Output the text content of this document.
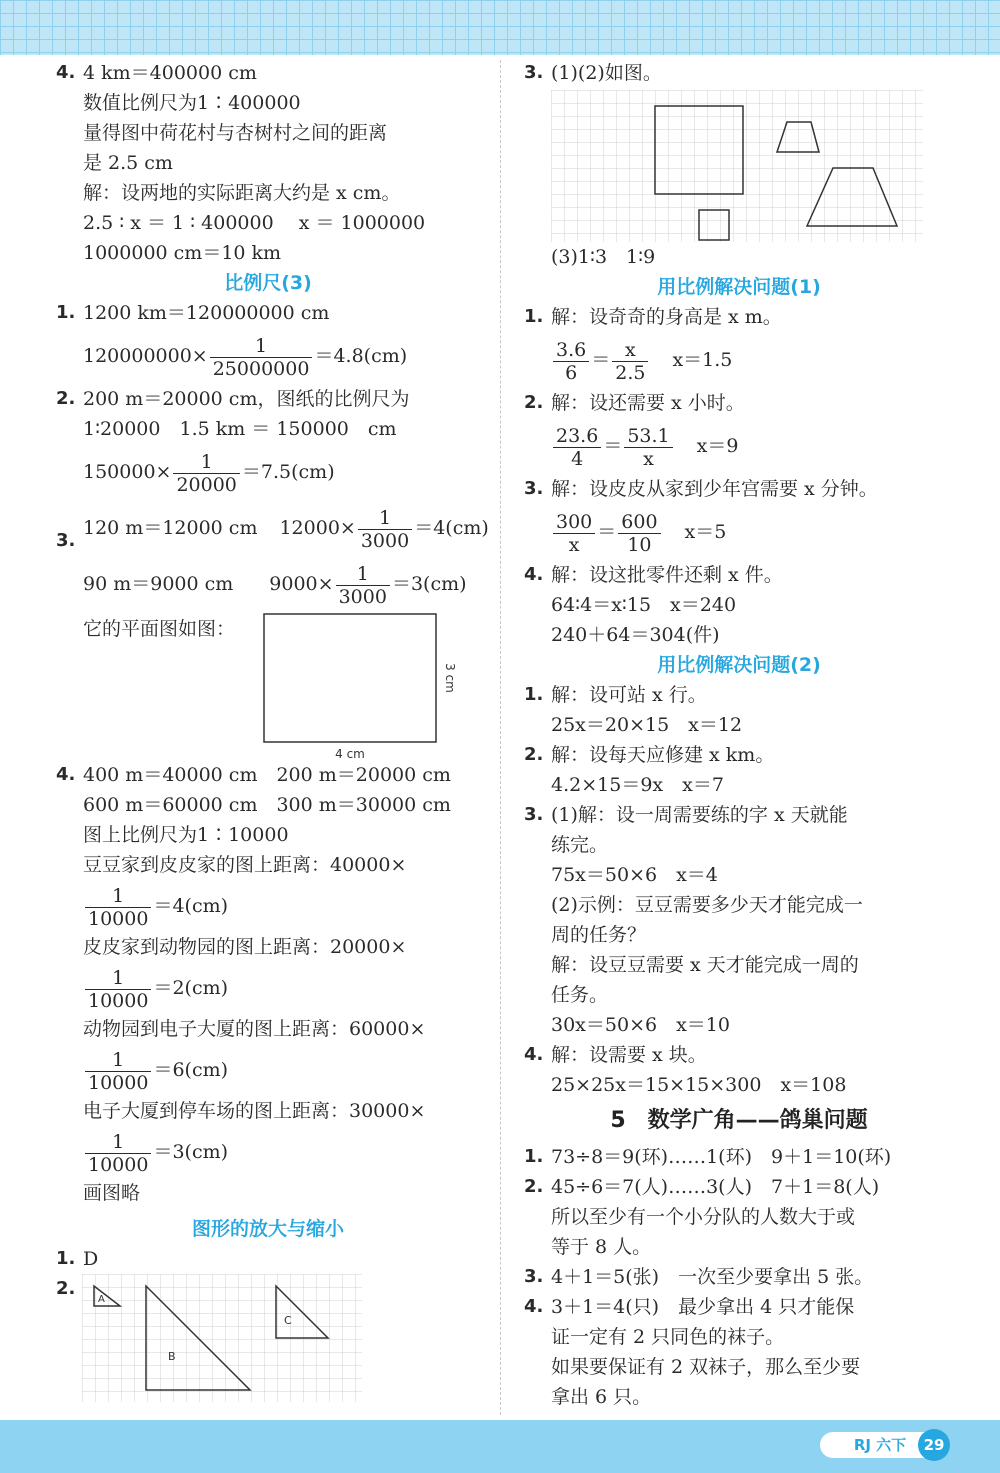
4. 4 km＝400000 cm
数值比例尺为1∶400000
量得图中荷花村与杏树村之间的距离
是 2.5 cm
解：设两地的实际距离大约是 x cm。
2.5 ∶ x ＝ 1 ∶ 400000　 x ＝ 1000000
1000000 cm＝10 km
比例尺(3)
1. 1200 km＝120000000 cm
$120000000\times \frac{1}{25000000} =4.8(cm)$
2. 200 m＝20000 cm，图纸的比例尺为
1∶20000　1.5 km ＝ 150000　cm
$150000\times \frac{1}{20000} =7.5(cm)$
3.
120 m＝12000 cm $12000\times \frac{1}{3000} =4(cm)$
90 m＝9000 cm $9000\times \frac{1}{3000} =3(cm)$
它的平面图如图：
4 cm
3 cm
4. 400 m＝40000 cm　200 m＝20000 cm
600 m＝60000 cm　300 m＝30000 cm
图上比例尺为1∶10000
豆豆家到皮皮家的图上距离：40000×
$\frac{1}{10000} =4(cm)$
皮皮家到动物园的图上距离：20000×
$\frac{1}{10000} =2(cm)$
动物园到电子大厦的图上距离：60000×
$\frac{1}{10000} =6(cm)$
电子大厦到停车场的图上距离：30000×
$\frac{1}{10000} =3(cm)$
画图略
图形的放大与缩小
1. D
2.
A
B
C
3. (1)(2)如图。
(3)1∶3　1∶9
用比例解决问题(1)
1. 解：设奇奇的身高是 x m。
$\frac{3.6}{6} = \frac{x}{2.5} x=1.5$
2. 解：设还需要 x 小时。
$\frac{23.6}{4} = \frac{53.1}{x} x=9$
3. 解：设皮皮从家到少年宫需要 x 分钟。
$\frac{300}{x} = \frac{600}{10} x=5$
4. 解：设这批零件还剩 x 件。
64∶4＝x∶15　x＝240
240＋64＝304(件)
用比例解决问题(2)
1. 解：设可站 x 行。
25x＝20×15　x＝12
2. 解：设每天应修建 x km。
4.2×15＝9x　x＝7
3. (1)解：设一周需要练的字 x 天就能
练完。
75x＝50×6　x＝4
(2)示例：豆豆需要多少天才能完成一
周的任务？
解：设豆豆需要 x 天才能完成一周的
任务。
30x＝50×6　x＝10
4. 解：设需要 x 块。
25×25x＝15×15×300　x＝108
5　数学广角——鸽巢问题
1. 73÷8＝9(环)……1(环)　9＋1＝10(环)
2. 45÷6＝7(人)……3(人)　7＋1＝8(人)
所以至少有一个小分队的人数大于或
等于 8 人。
3. 4＋1＝5(张)　一次至少要拿出 5 张。
4. 3＋1＝4(只)　最少拿出 4 只才能保
证一定有 2 只同色的袜子。
如果要保证有 2 双袜子，那么至少要
拿出 6 只。
RJ 六下	29
